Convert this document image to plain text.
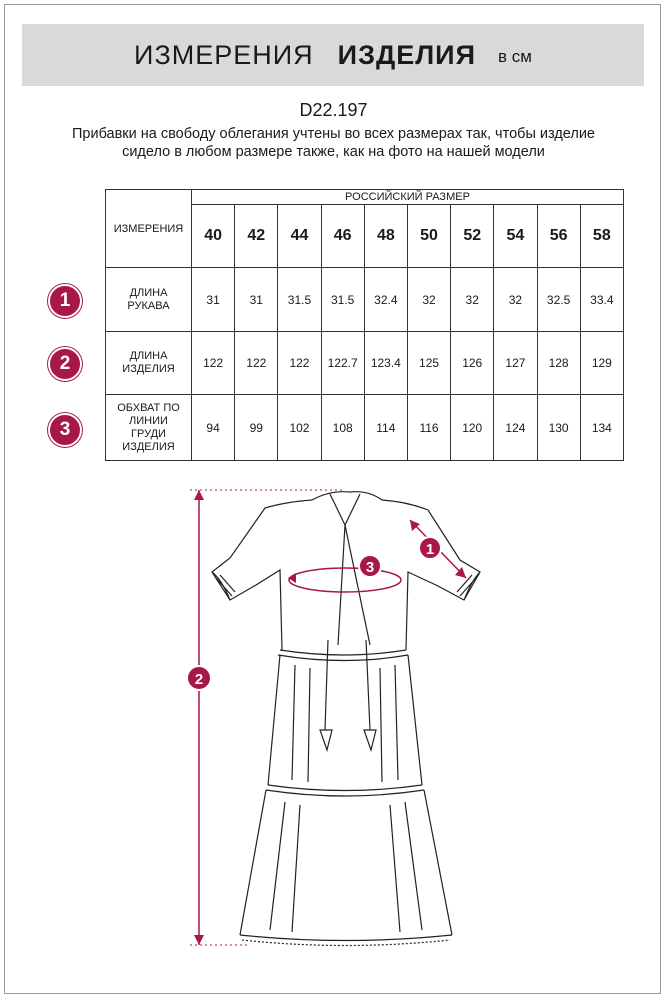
ИЗМЕРЕНИЯ ИЗДЕЛИЯ в см
D22.197
Прибавки на свободу облегания учтены во всех размерах так, чтобы изделие сидело в любом размере также, как на фото на нашей модели
ИЗМЕРЕНИЯ	РОССИЙСКИЙ РАЗМЕР									
	40	42	44	46	48	50	52	54	56	58

ДЛИНА
РУКАВА	31	31	31.5	31.5	32.4	32	32	32	32.5	33.4

ДЛИНА
ИЗДЕЛИЯ	122	122	122	122.7	123.4	125	126	127	128	129

ОБХВАТ ПО
ЛИНИИ
ГРУДИ
ИЗДЕЛИЯ	94	99	102	108	114	116	120	124	130	134
1
2
3
1
3
2
